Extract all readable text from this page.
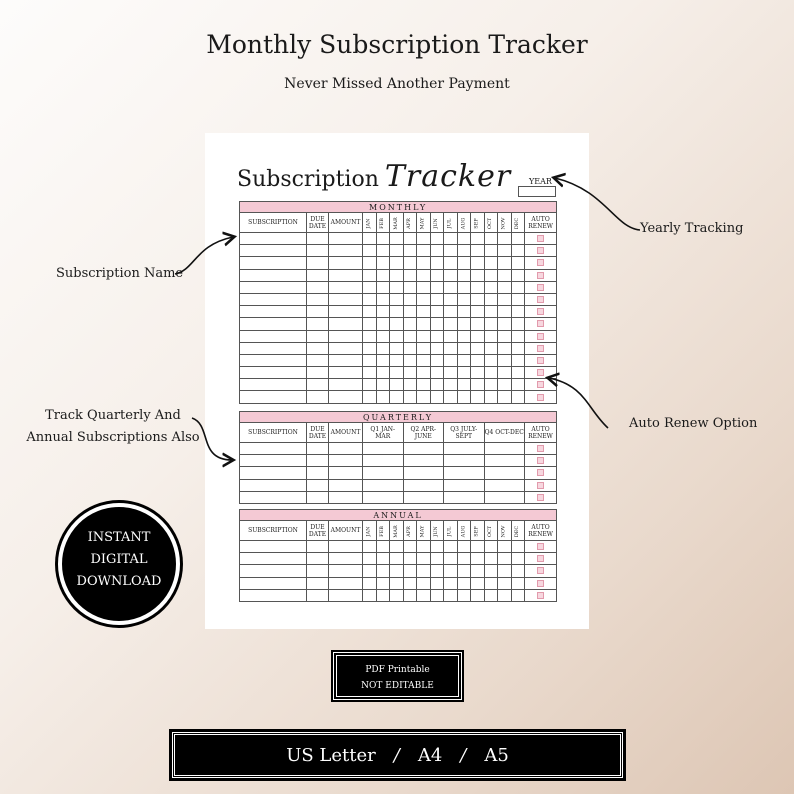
Monthly Subscription Tracker
Never Missed Another Payment
Subscription Tracker YEAR
MONTHLY															
SUBSCRIPTION	DUE DATE	AMOUNT	JAN	FEB	MAR	APR	MAY	JUN	JUL	AUG	SEP	OCT	NOV	DEC	AUTO RENEW

QUARTERLY							
SUBSCRIPTION	DUE DATE	AMOUNT	Q1 JAN-MAR	Q2 APR-JUNE	Q3 JULY-SEPT	Q4 OCT-DEC	AUTO RENEW

ANNUAL															
SUBSCRIPTION	DUE DATE	AMOUNT	JAN	FEB	MAR	APR	MAY	JUN	JUL	AUG	SEP	OCT	NOV	DEC	AUTO RENEW

Yearly Tracking
Subscription Name
Track Quarterly And
Annual Subscriptions Also
Auto Renew Option
INSTANT
DIGITAL
DOWNLOAD
PDF Printable
NOT EDITABLE
US Letter / A4 / A5
